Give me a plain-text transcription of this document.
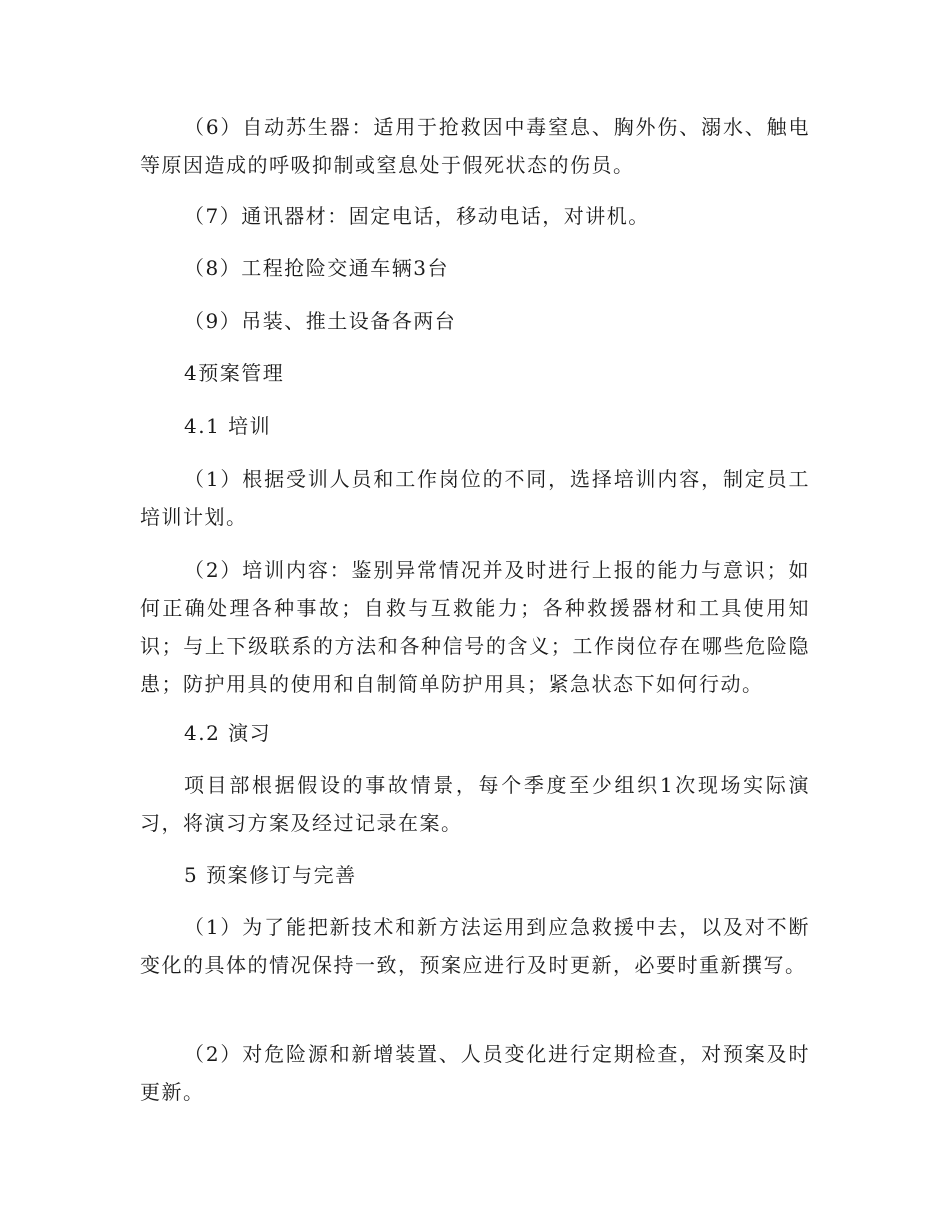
（6）自动苏生器：适用于抢救因中毒窒息、胸外伤、溺水、触电等原因造成的呼吸抑制或窒息处于假死状态的伤员。

（7）通讯器材：固定电话，移动电话，对讲机。

（8）工程抢险交通车辆3台

（9）吊装、推土设备各两台

4预案管理

4.1 培训

（1）根据受训人员和工作岗位的不同，选择培训内容，制定员工培训计划。

（2）培训内容：鉴别异常情况并及时进行上报的能力与意识；如何正确处理各种事故；自救与互救能力；各种救援器材和工具使用知识；与上下级联系的方法和各种信号的含义；工作岗位存在哪些危险隐患；防护用具的使用和自制简单防护用具；紧急状态下如何行动。

4.2 演习

项目部根据假设的事故情景，每个季度至少组织1次现场实际演习，将演习方案及经过记录在案。

5 预案修订与完善

（1）为了能把新技术和新方法运用到应急救援中去，以及对不断变化的具体的情况保持一致，预案应进行及时更新，必要时重新撰写。

（2）对危险源和新增装置、人员变化进行定期检查，对预案及时更新。
